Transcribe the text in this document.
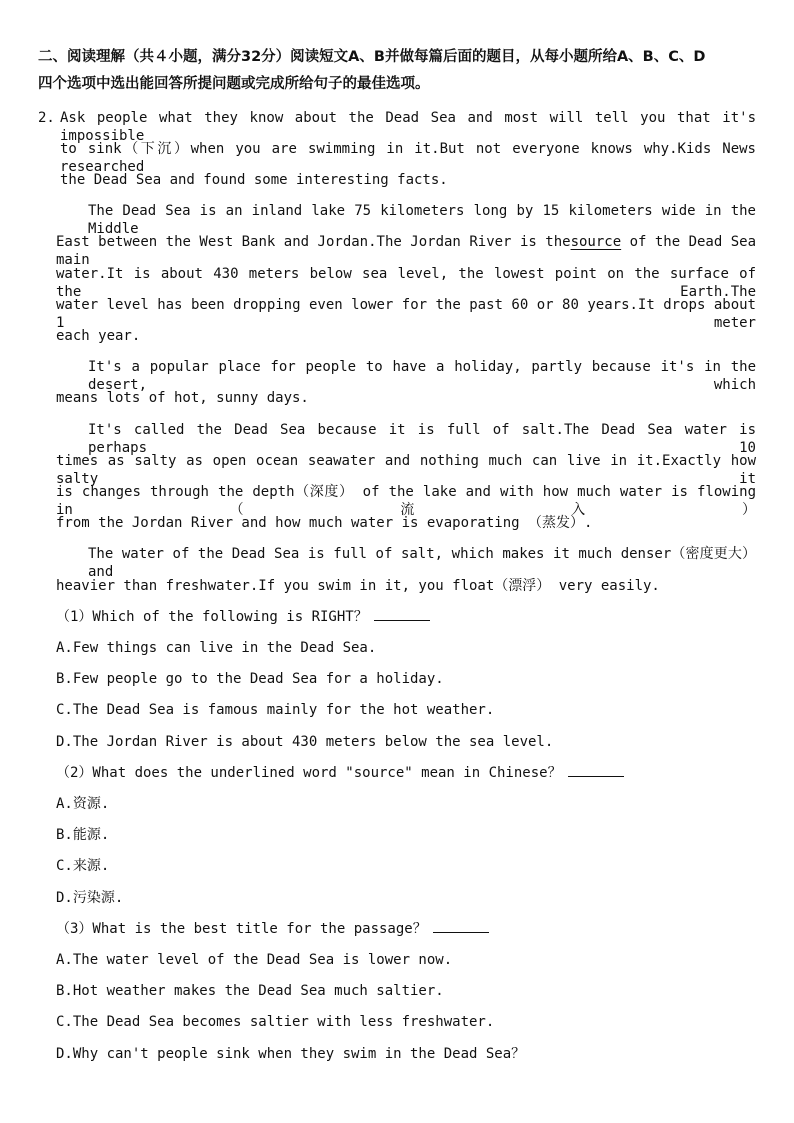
二、阅读理解（共４小题，满分32分）阅读短文A、B并做每篇后面的题目，从每小题所给A、B、C、D
四个选项中选出能回答所提问题或完成所给句子的最佳选项。
2. Ask people what they know about the Dead Sea and most will tell you that it's impossible
to sink（下沉）when you are swimming in it.But not everyone knows why.Kids News researched
the Dead Sea and found some interesting facts.
The Dead Sea is an inland lake 75 kilometers long by 15 kilometers wide in the Middle
East between the West Bank and Jordan.The Jordan River is the main
source of the Dead Sea
water.It is about 430 meters below sea level, the lowest point on the surface of the Earth.The
water level has been dropping even lower for the past 60 or 80 years.It drops about 1 meter
each year.
It's a popular place for people to have a holiday, partly because it's in the desert, which
means lots of hot, sunny days.
It's called the Dead Sea because it is full of salt.The Dead Sea water is perhaps 10
times as salty as open ocean seawater and nothing much can live in it.Exactly how salty it
is changes through the depth（深度） of the lake and with how much water is flowing in（流入）
from the Jordan River and how much water is evaporating （蒸发）.
The water of the Dead Sea is full of salt, which makes it much denser（密度更大） and
heavier than freshwater.If you swim in it, you float（漂浮） very easily.
（1）Which of the following is RIGHT？
A.Few things can live in the Dead Sea.
B.Few people go to the Dead Sea for a holiday.
C.The Dead Sea is famous mainly for the hot weather.
D.The Jordan River is about 430 meters below the sea level.
（2）What does the underlined word "source" mean in Chinese？
A.资源.
B.能源.
C.来源.
D.污染源.
（3）What is the best title for the passage？
A.The water level of the Dead Sea is lower now.
B.Hot weather makes the Dead Sea much saltier.
C.The Dead Sea becomes saltier with less freshwater.
D.Why can't people sink when they swim in the Dead Sea？
